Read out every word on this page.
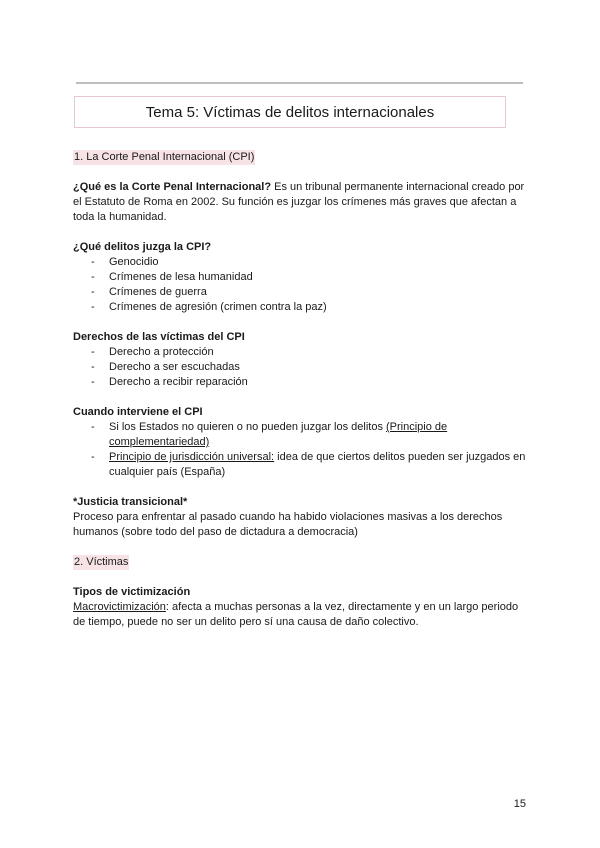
Tema 5: Víctimas de delitos internacionales
1. La Corte Penal Internacional (CPI)
¿Qué es la Corte Penal Internacional? Es un tribunal permanente internacional creado por el Estatuto de Roma en 2002. Su función es juzgar los crímenes más graves que afectan a toda la humanidad.
¿Qué delitos juzga la CPI?
- Genocidio
- Crímenes de lesa humanidad
- Crímenes de guerra
- Crímenes de agresión (crimen contra la paz)
Derechos de las víctimas del CPI
- Derecho a protección
- Derecho a ser escuchadas
- Derecho a recibir reparación
Cuando interviene el CPI
- Si los Estados no quieren o no pueden juzgar los delitos (Principio de complementariedad)
- Principio de jurisdicción universal: idea de que ciertos delitos pueden ser juzgados en cualquier país (España)
*Justicia transicional*
Proceso para enfrentar al pasado cuando ha habido violaciones masivas a los derechos humanos (sobre todo del paso de dictadura a democracia)
2. Víctimas
Tipos de victimización
Macrovictimización: afecta a muchas personas a la vez, directamente y en un largo periodo de tiempo, puede no ser un delito pero sí una causa de daño colectivo.
15
